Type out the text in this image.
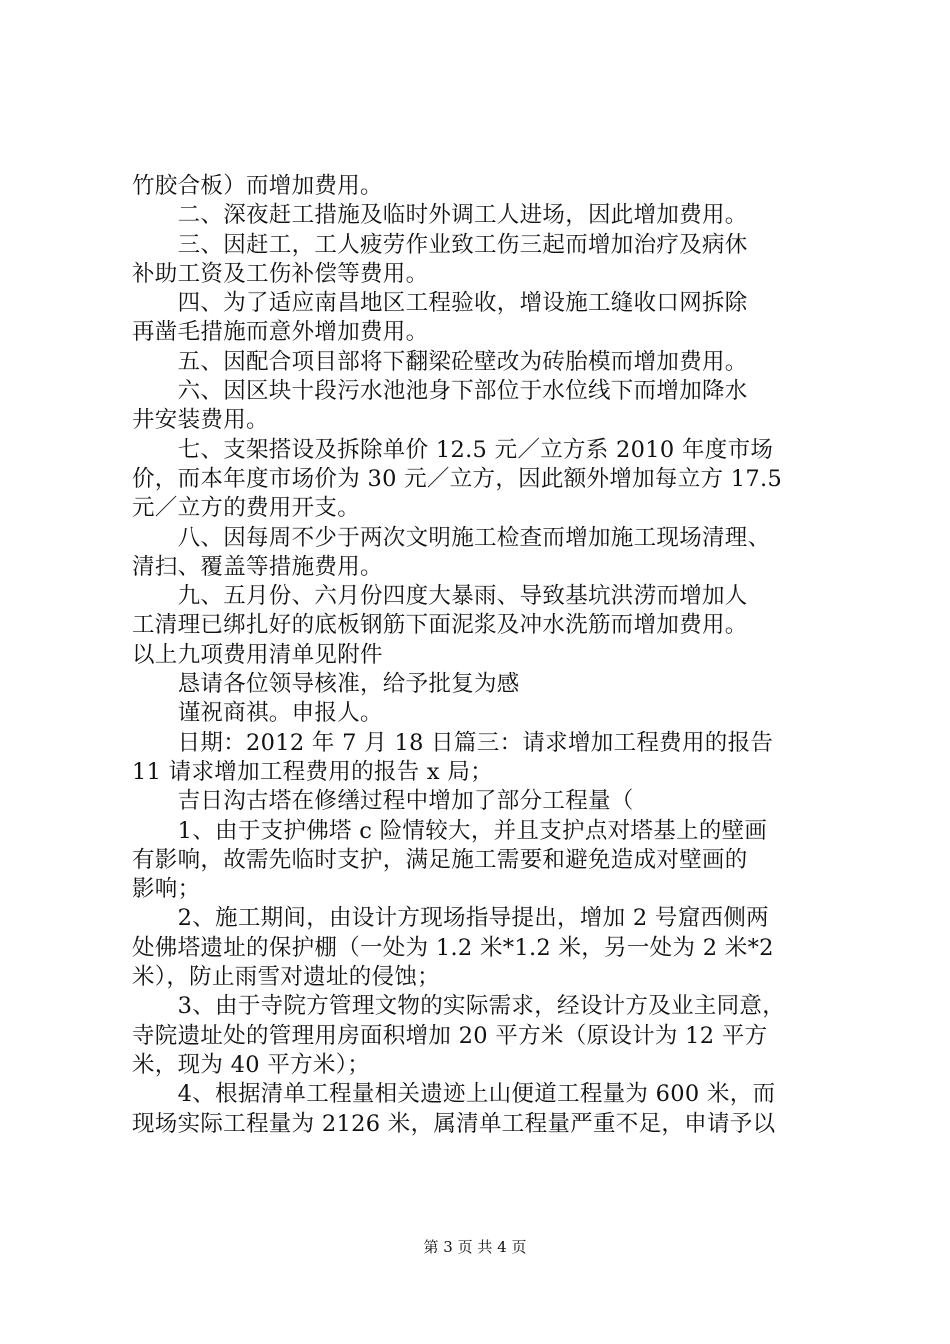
竹胶合板）而增加费用。
　　二、深夜赶工措施及临时外调工人进场，因此增加费用。
　　三、因赶工，工人疲劳作业致工伤三起而增加治疗及病休
补助工资及工伤补偿等费用。
　　四、为了适应南昌地区工程验收，增设施工缝收口网拆除
再凿毛措施而意外增加费用。
　　五、因配合项目部将下翻梁砼壁改为砖胎模而增加费用。
　　六、因区块十段污水池池身下部位于水位线下而增加降水
井安装费用。
　　七、支架搭设及拆除单价 12.5 元／立方系 2010 年度市场
价，而本年度市场价为 30 元／立方，因此额外增加每立方 17.5
元／立方的费用开支。
　　八、因每周不少于两次文明施工检查而增加施工现场清理、
清扫、覆盖等措施费用。
　　九、五月份、六月份四度大暴雨、导致基坑洪涝而增加人
工清理已绑扎好的底板钢筋下面泥浆及冲水洗筋而增加费用。
以上九项费用清单见附件
　　恳请各位领导核准，给予批复为感
　　谨祝商祺。申报人。
　　日期：2012 年 7 月 18 日篇三：请求增加工程费用的报告
11 请求增加工程费用的报告 x 局；
　　吉日沟古塔在修缮过程中增加了部分工程量（
　　1、由于支护佛塔 c 险情较大，并且支护点对塔基上的壁画
有影响，故需先临时支护，满足施工需要和避免造成对壁画的
影响；
　　2、施工期间，由设计方现场指导提出，增加 2 号窟西侧两
处佛塔遗址的保护棚（一处为 1.2 米*1.2 米，另一处为 2 米*2
米），防止雨雪对遗址的侵蚀；
　　3、由于寺院方管理文物的实际需求，经设计方及业主同意，
寺院遗址处的管理用房面积增加 20 平方米（原设计为 12 平方
米，现为 40 平方米）；
　　4、根据清单工程量相关遗迹上山便道工程量为 600 米，而
现场实际工程量为 2126 米，属清单工程量严重不足，申请予以
第 3 页 共 4 页
